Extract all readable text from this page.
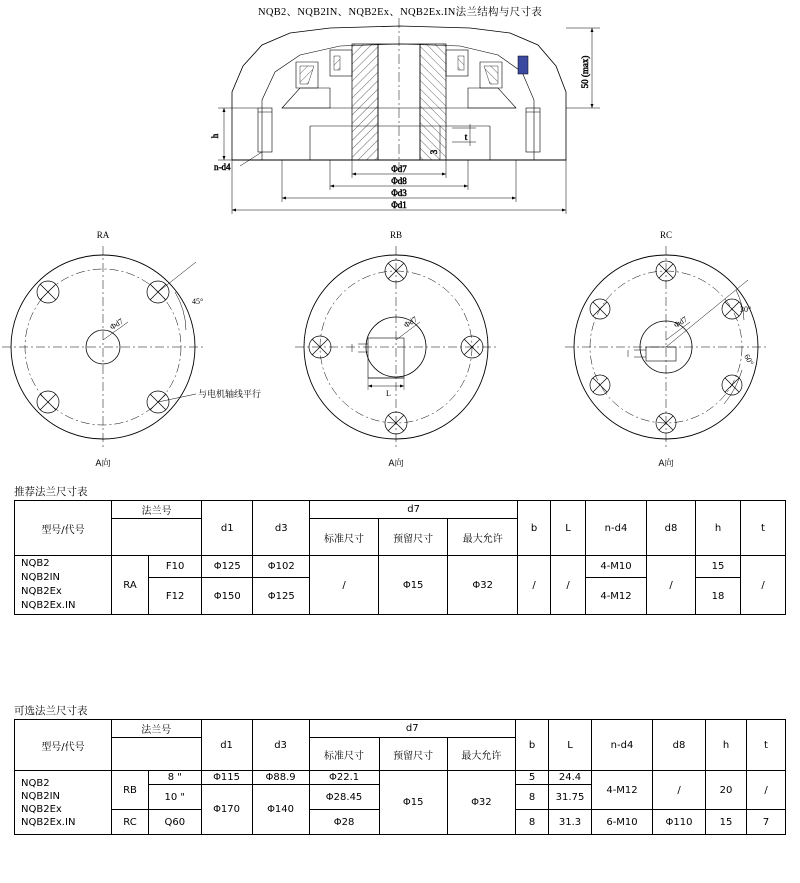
NQB2、NQB2IN、NQB2Ex、NQB2Ex.IN法兰结构与尺寸表
50 (max)
h	t
3
n-d4	Φd7
Φd8
Φd3
Φd1
RA
Φd7
45°
与电机轴线平行
A向
RB
L
Φd7
A向
RC
Φd7
30°
60°
A向
推荐法兰尺寸表
型号/代号	法兰号		d1	d3	d7			b	L	n-d4	d8	h	t
					标准尺寸	预留尺寸	最大允许						
NQB2
NQB2IN
NQB2Ex
NQB2Ex.IN	RA	F10	Φ125	Φ102	/	Φ15	Φ32	/	/	4-M10	/	15	/
		F12	Φ150	Φ125						4-M12		18	
可选法兰尺寸表
型号/代号	法兰号		d1	d3	d7			b	L	n-d4	d8	h	t
					标准尺寸	预留尺寸	最大允许						
NQB2
NQB2IN
NQB2Ex
NQB2Ex.IN	RB	8 "	Φ115	Φ88.9	Φ22.1	Φ15	Φ32	5	24.4	4-M12	/	20	/
		10 "	Φ170	Φ140	Φ28.45			8	31.75				
	RC	Q60			Φ28			8	31.3	6-M10	Φ110	15	7
